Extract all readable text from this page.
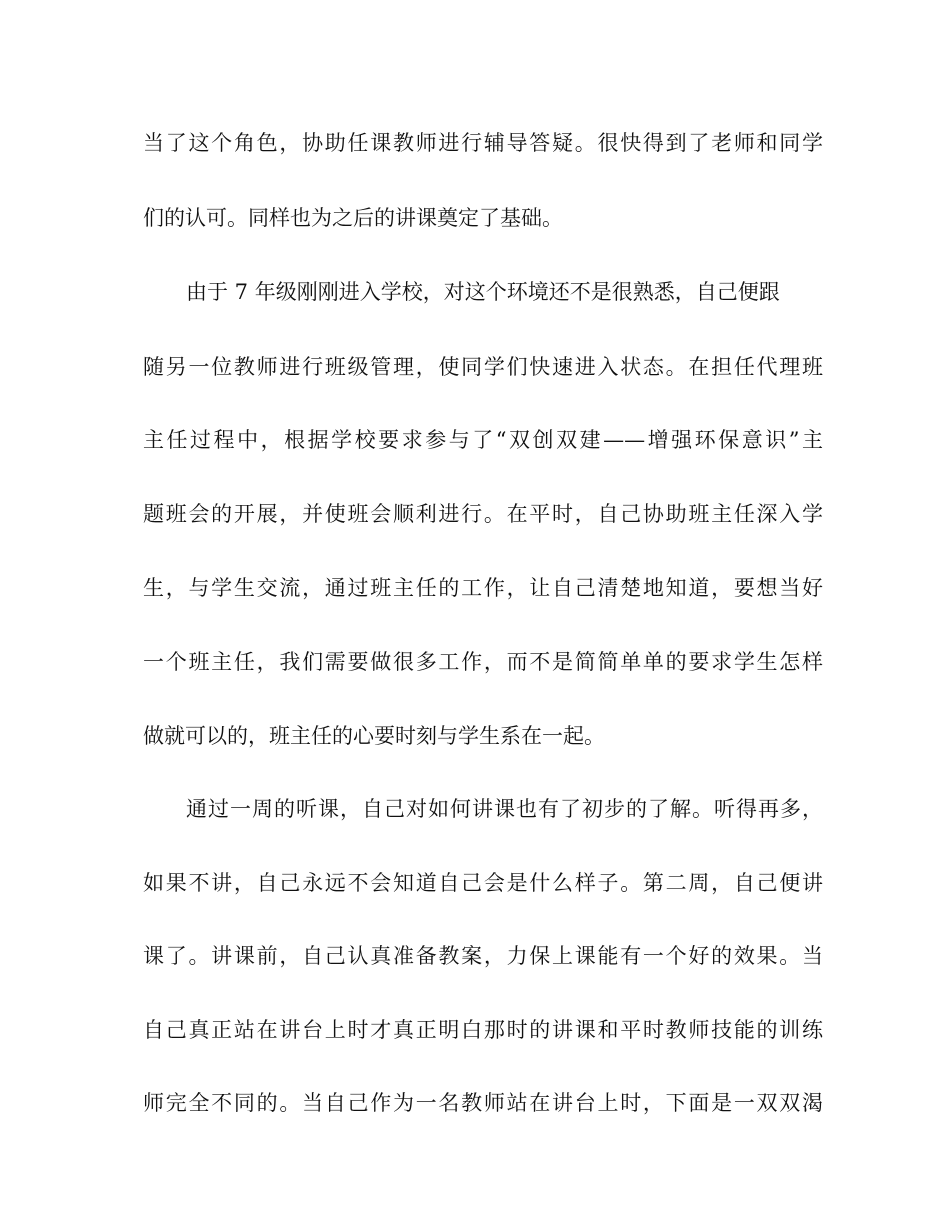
当了这个角色，协助任课教师进行辅导答疑。很快得到了老师和同学
们的认可。同样也为之后的讲课奠定了基础。
由于 7 年级刚刚进入学校，对这个环境还不是很熟悉，自己便跟
随另一位教师进行班级管理，使同学们快速进入状态。在担任代理班
主任过程中，根据学校要求参与了“双创双建——增强环保意识”主
题班会的开展，并使班会顺利进行。在平时，自己协助班主任深入学
生，与学生交流，通过班主任的工作，让自己清楚地知道，要想当好
一个班主任，我们需要做很多工作，而不是简简单单的要求学生怎样
做就可以的，班主任的心要时刻与学生系在一起。
通过一周的听课，自己对如何讲课也有了初步的了解。听得再多，
如果不讲，自己永远不会知道自己会是什么样子。第二周，自己便讲
课了。讲课前，自己认真准备教案，力保上课能有一个好的效果。当
自己真正站在讲台上时才真正明白那时的讲课和平时教师技能的训练
师完全不同的。当自己作为一名教师站在讲台上时，下面是一双双渴
